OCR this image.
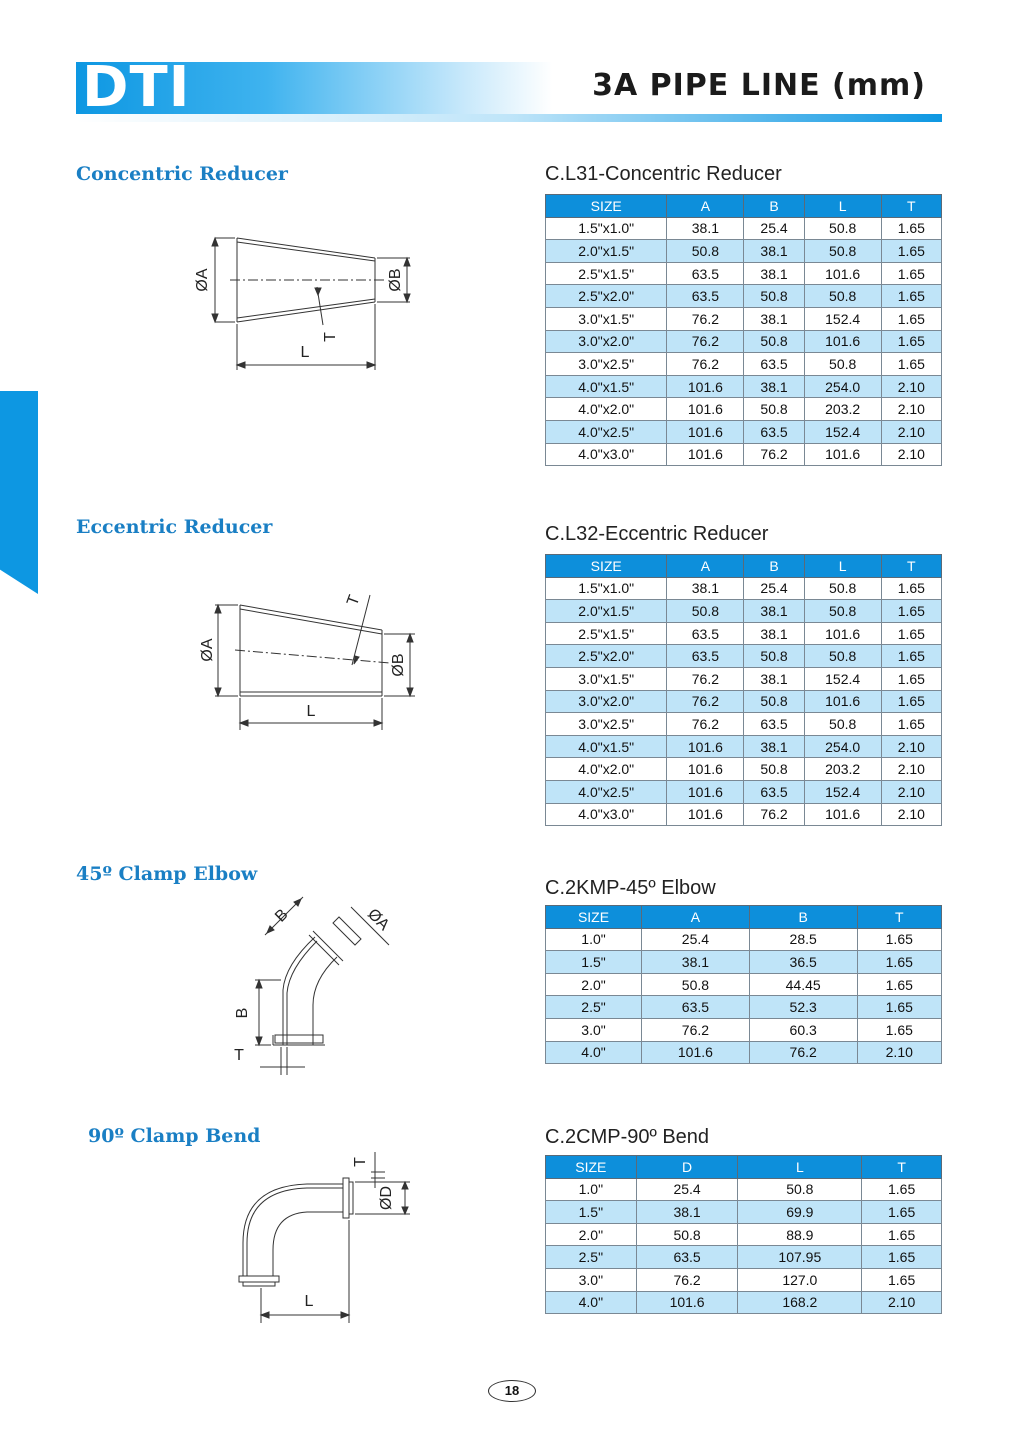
DTI	3A PIPE LINE (mm)
Concentric Reducer	C.L31-Concentric Reducer
ØA	ØB
L
T
SIZE	A	B	L	T
1.5"x1.0"	38.1	25.4	50.8	1.65
2.0"x1.5"	50.8	38.1	50.8	1.65
2.5"x1.5"	63.5	38.1	101.6	1.65
2.5"x2.0"	63.5	50.8	50.8	1.65
3.0"x1.5"	76.2	38.1	152.4	1.65
3.0"x2.0"	76.2	50.8	101.6	1.65
3.0"x2.5"	76.2	63.5	50.8	1.65
4.0"x1.5"	101.6	38.1	254.0	2.10
4.0"x2.0"	101.6	50.8	203.2	2.10
4.0"x2.5"	101.6	63.5	152.4	2.10
4.0"x3.0"	101.6	76.2	101.6	2.10
Eccentric Reducer	C.L32-Eccentric Reducer
ØA
ØB
L
T
SIZE	A	B	L	T
1.5"x1.0"	38.1	25.4	50.8	1.65
2.0"x1.5"	50.8	38.1	50.8	1.65
2.5"x1.5"	63.5	38.1	101.6	1.65
2.5"x2.0"	63.5	50.8	50.8	1.65
3.0"x1.5"	76.2	38.1	152.4	1.65
3.0"x2.0"	76.2	50.8	101.6	1.65
3.0"x2.5"	76.2	63.5	50.8	1.65
4.0"x1.5"	101.6	38.1	254.0	2.10
4.0"x2.0"	101.6	50.8	203.2	2.10
4.0"x2.5"	101.6	63.5	152.4	2.10
4.0"x3.0"	101.6	76.2	101.6	2.10
45º Clamp Elbow
C.2KMP-45º Elbow
B
B	ØA
T
SIZE	A	B	T
1.0"	25.4	28.5	1.65
1.5"	38.1	36.5	1.65
2.0"	50.8	44.45	1.65
2.5"	63.5	52.3	1.65
3.0"	76.2	60.3	1.65
4.0"	101.6	76.2	2.10
90º Clamp Bend	C.2CMP-90º Bend
ØD
T
L
SIZE	D	L	T
1.0"	25.4	50.8	1.65
1.5"	38.1	69.9	1.65
2.0"	50.8	88.9	1.65
2.5"	63.5	107.95	1.65
3.0"	76.2	127.0	1.65
4.0"	101.6	168.2	2.10
18
